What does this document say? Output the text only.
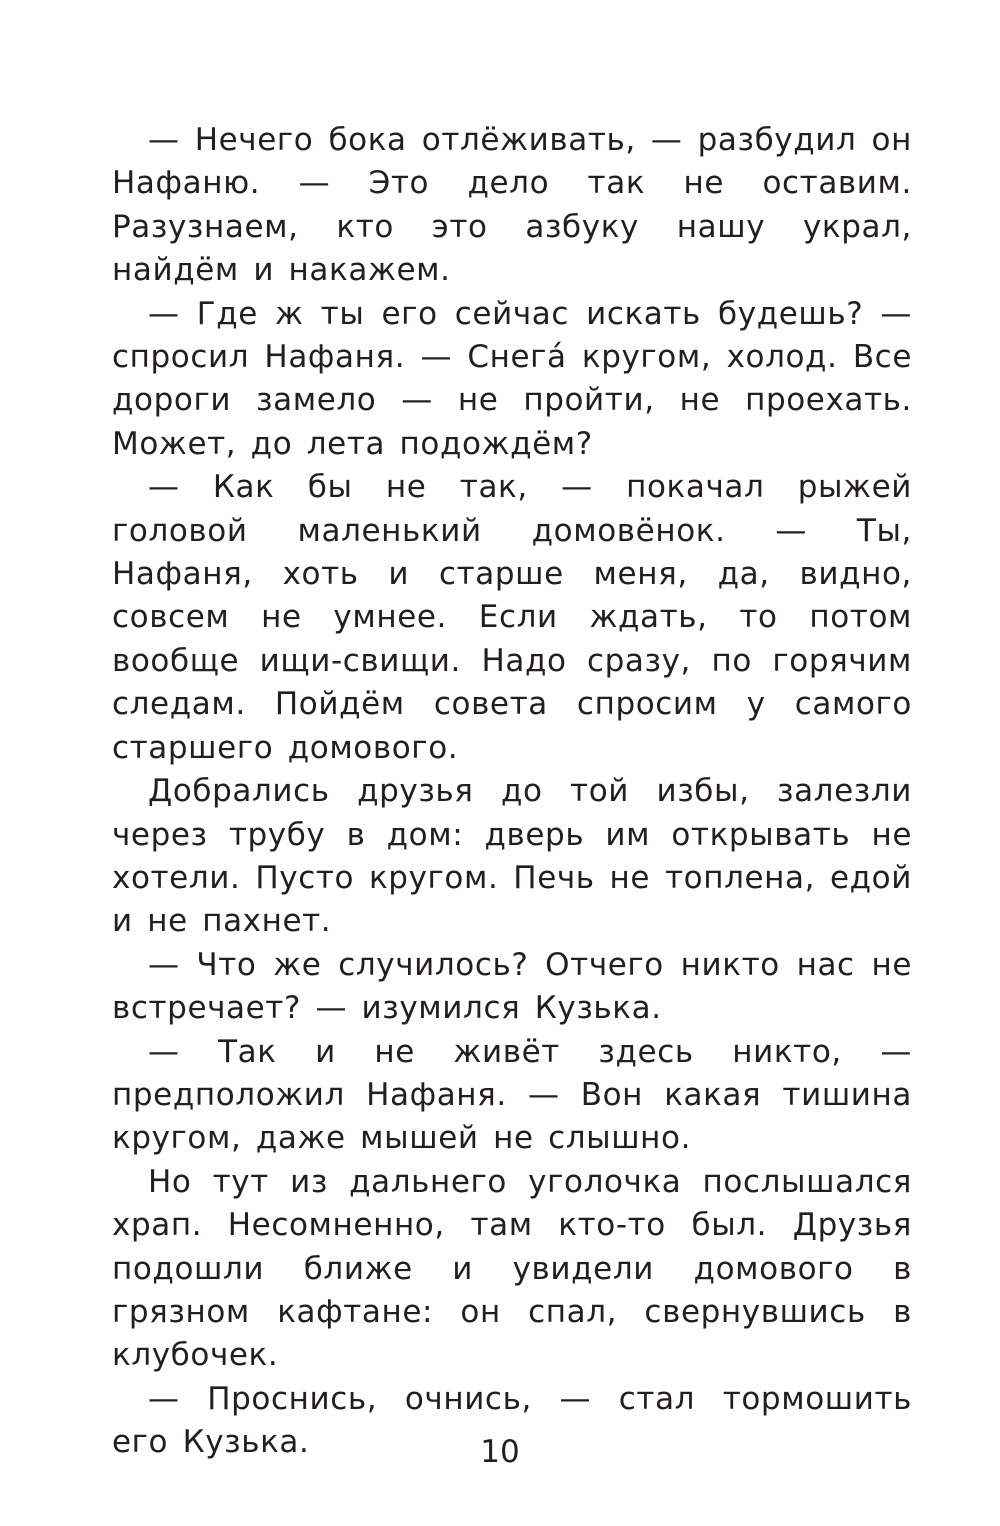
— Нечего бока отлёживать, — разбудил он Нафаню. — Это дело так не оставим. Разузнаем, кто это азбуку нашу украл, найдём и накажем.

— Где ж ты его сейчас искать будешь? — спросил Нафаня. — Снега́ кругом, холод. Все дороги замело — не пройти, не проехать. Может, до лета подождём?

— Как бы не так, — покачал рыжей головой маленький домовёнок. — Ты, Нафаня, хоть и старше меня, да, видно, совсем не умнее. Если ждать, то потом вообще ищи-свищи. Надо сразу, по горячим следам. Пойдём совета спросим у самого старшего домового.

Добрались друзья до той избы, залезли через трубу в дом: дверь им открывать не хотели. Пусто кругом. Печь не топлена, едой и не пахнет.

— Что же случилось? Отчего никто нас не встречает? — изумился Кузька.

— Так и не живёт здесь никто, — предположил Нафаня. — Вон какая тишина кругом, даже мышей не слышно.

Но тут из дальнего уголочка послышался храп. Несомненно, там кто-то был. Друзья подошли ближе и увидели домового в грязном кафтане: он спал, свернувшись в клубочек.

— Проснись, очнись, — стал тормошить его Кузька.	10
